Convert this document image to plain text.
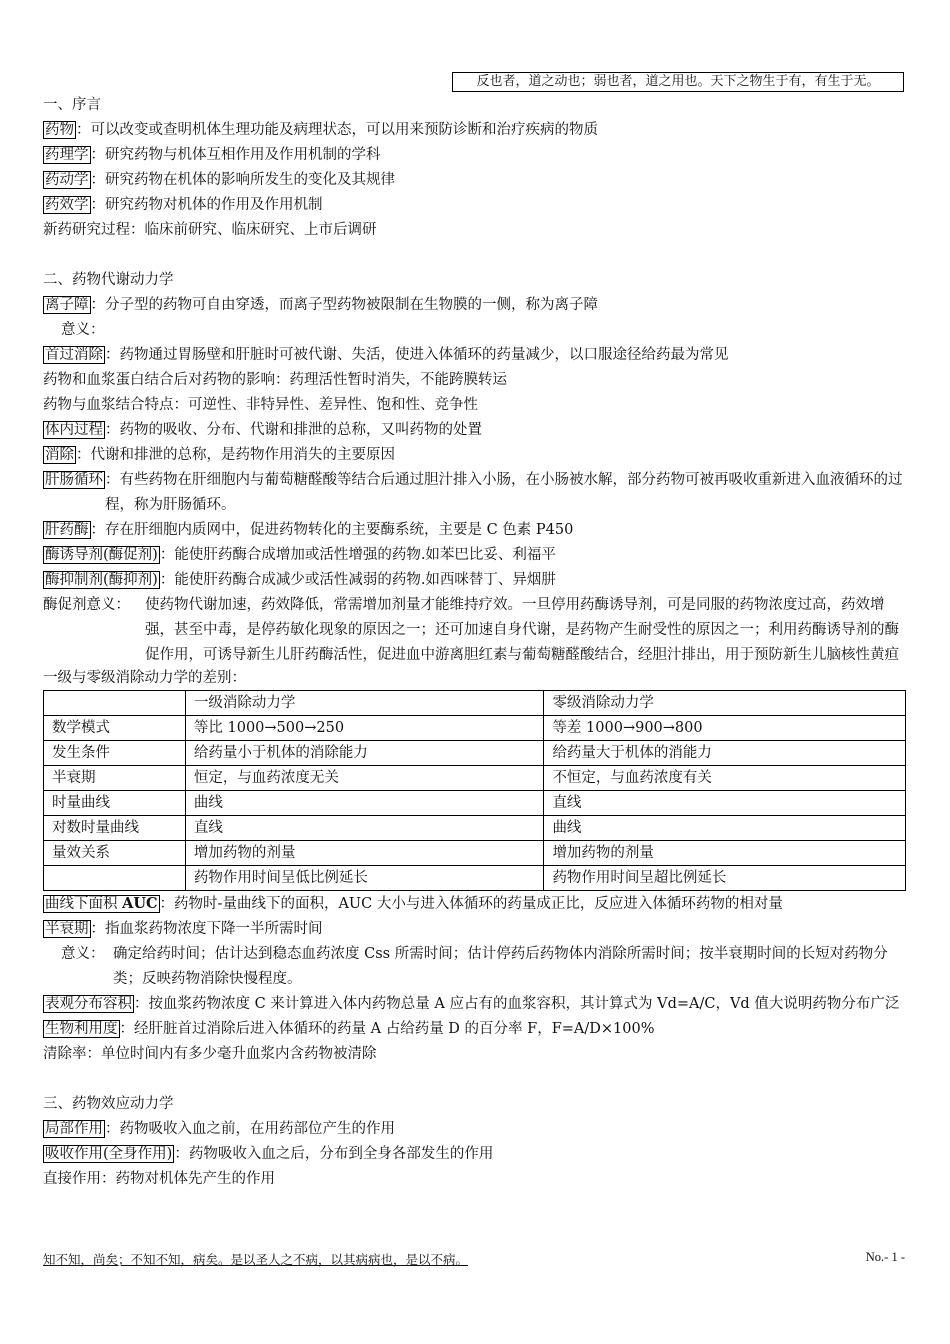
反也者，道之动也；弱也者，道之用也。天下之物生于有，有生于无。
一、序言
药物 ：可以改变或查明机体生理功能及病理状态，可以用来预防诊断和治疗疾病的物质
药理学 ：研究药物与机体互相作用及作用机制的学科
药动学 ：研究药物在机体的影响所发生的变化及其规律
药效学 ：研究药物对机体的作用及作用机制
新药研究过程：临床前研究、临床研究、上市后调研
二、药物代谢动力学
离子障 ：分子型的药物可自由穿透，而离子型药物被限制在生物膜的一侧，称为离子障
意义：
首过消除 ：药物通过胃肠壁和肝脏时可被代谢、失活，使进入体循环的药量减少，以口服途径给药最为常见
药物和血浆蛋白结合后对药物的影响：药理活性暂时消失，不能跨膜转运
药物与血浆结合特点：可逆性、非特异性、差异性、饱和性、竞争性
体内过程 ：药物的吸收、分布、代谢和排泄的总称，又叫药物的处置
消除 ：代谢和排泄的总称，是药物作用消失的主要原因
肝肠循环 ：有些药物在肝细胞内与葡萄糖醛酸等结合后通过胆汁排入小肠，在小肠被水解，部分药物可被再吸收重新进入血液循环的过程，称为肝肠循环。
肝药酶 ：存在肝细胞内质网中，促进药物转化的主要酶系统，主要是 C 色素 P450
酶诱导剂(酶促剂) ：能使肝药酶合成增加或活性增强的药物.如苯巴比妥、利福平
酶抑制剂(酶抑剂) ：能使肝药酶合成减少或活性减弱的药物.如西咪替丁、异烟肼
酶促剂意义：	使药物代谢加速，药效降低，常需增加剂量才能维持疗效。一旦停用药酶诱导剂，可是同服的药物浓度过高，药效增强，甚至中毒，是停药敏化现象的原因之一；还可加速自身代谢，是药物产生耐受性的原因之一；利用药酶诱导剂的酶促作用，可诱导新生儿肝药酶活性，促进血中游离胆红素与葡萄糖醛酸结合，经胆汁排出，用于预防新生儿脑核性黄疸
一级与零级消除动力学的差别：
	一级消除动力学	零级消除动力学
数学模式	等比 1000→500→250	等差 1000→900→800
发生条件	给药量小于机体的消除能力	给药量大于机体的消能力
半衰期	恒定，与血药浓度无关	不恒定，与血药浓度有关
时量曲线	曲线	直线
对数时量曲线	直线	曲线
量效关系	增加药物的剂量	增加药物的剂量
	药物作用时间呈低比例延长	药物作用时间呈超比例延长
曲线下面积 AUC ：药物时-量曲线下的面积，AUC 大小与进入体循环的药量成正比，反应进入体循环药物的相对量
半衰期 ：指血浆药物浓度下降一半所需时间
意义： 确定给药时间；估计达到稳态血药浓度 Css 所需时间；估计停药后药物体内消除所需时间；按半衰期时间的长短对药物分类；反映药物消除快慢程度。
表观分布容积 ：按血浆药物浓度 C 来计算进入体内药物总量 A 应占有的血浆容积，其计算式为 Vd=A/C，Vd 值大说明药物分布广泛
生物利用度 ：经肝脏首过消除后进入体循环的药量 A 占给药量 D 的百分率 F，F=A/D×100%
清除率：单位时间内有多少毫升血浆内含药物被清除
三、药物效应动力学
局部作用 ：药物吸收入血之前，在用药部位产生的作用
吸收作用(全身作用) ：药物吸收入血之后，分布到全身各部发生的作用
直接作用：药物对机体先产生的作用
知不知，尚矣；不知不知，病矣。是以圣人之不病，以其病病也，是以不病。	No.- 1 -
